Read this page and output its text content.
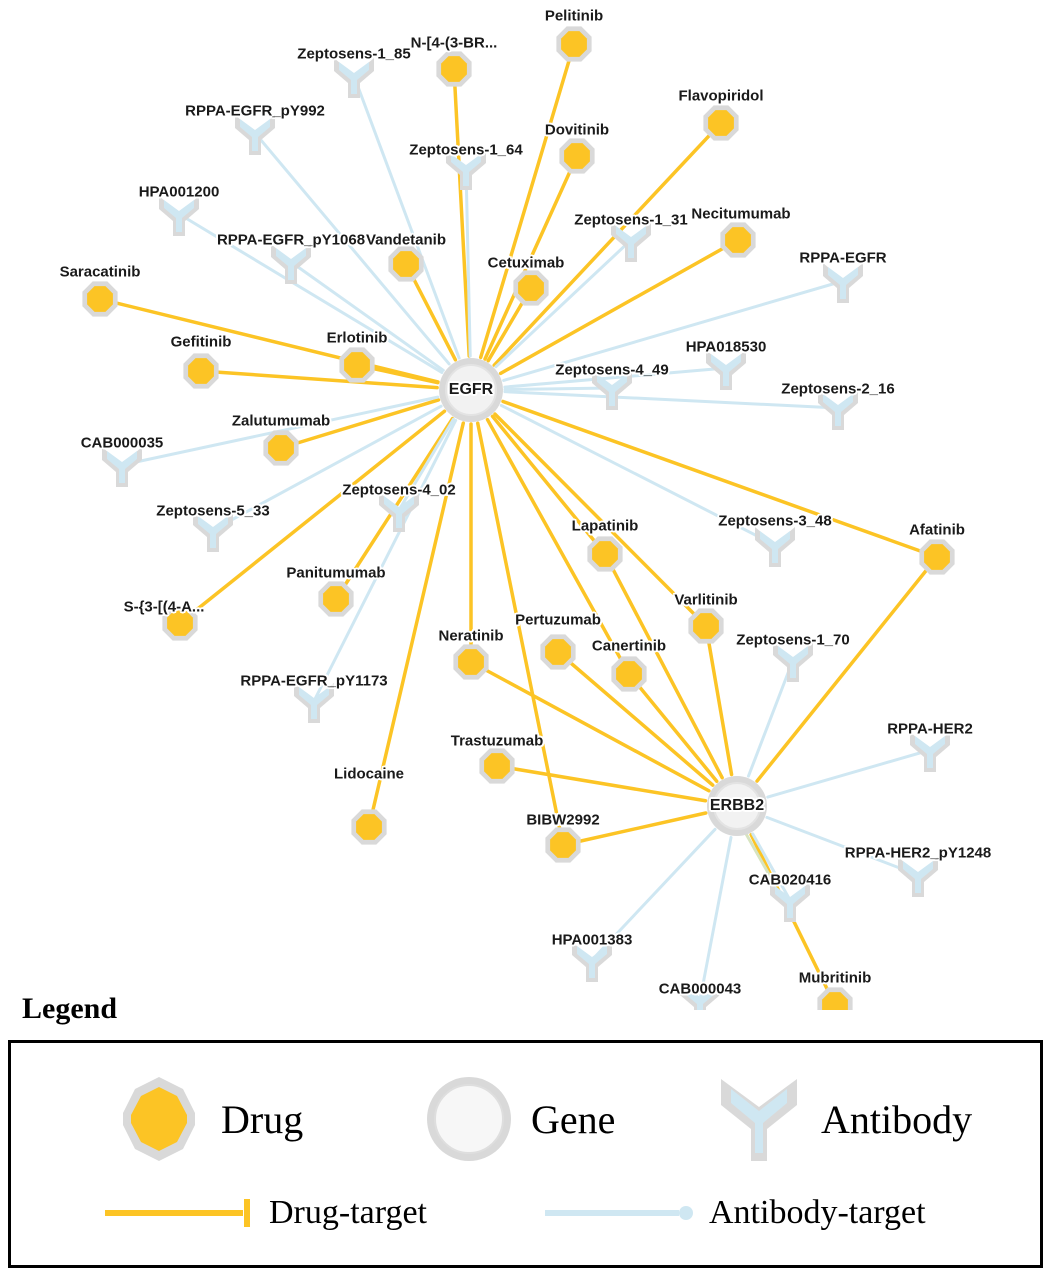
Pelitinib
N-[4-(3-BR...
Flavopiridol
Dovitinib
Necitumumab
Vandetanib
Cetuximab
Saracatinib
Gefitinib	Erlotinib
Zalutumumab
Panitumumab
S-{3-[(4-A...
Lidocaine
Lapatinib	Afatinib
Varlitinib
Neratinib
Pertuzumab
Canertinib
Trastuzumab
BIBW2992
Mubritinib
Zeptosens-1_85
RPPA-EGFR_pY992
Zeptosens-1_64
HPA001200
Zeptosens-1_31
RPPA-EGFR_pY1068
RPPA-EGFR
HPA018530
Zeptosens-4_49
Zeptosens-2_16
CAB000035
Zeptosens-4_02
Zeptosens-5_33
Zeptosens-3_48
RPPA-EGFR_pY1173
Zeptosens-1_70
RPPA-HER2
RPPA-HER2_pY1248
CAB020416
HPA001383
CAB000043
EGFR
ERBB2
Legend
Drug	Gene	Antibody
Drug-target	Antibody-target
